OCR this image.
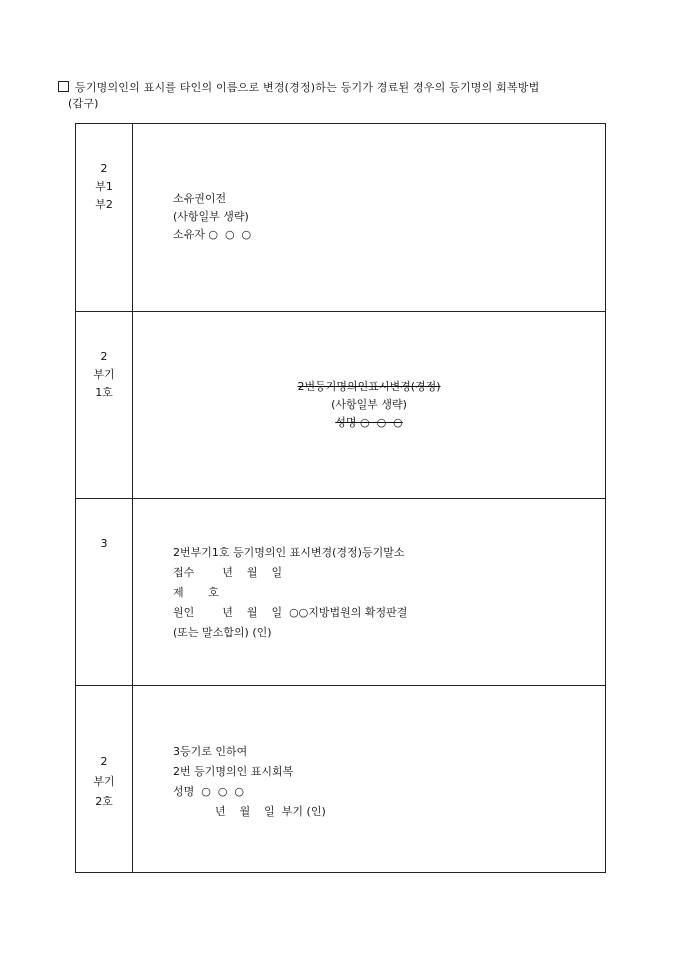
등기명의인의 표시를 타인의 이름으로 변경(경정)하는 등기가 경료된 경우의 등기명의 회복방법
(갑구)
2
부1
부2	소유권이전
(사항일부 생략)
소유자 ○  ○  ○

2
부기
1호	2번등기명의인표시변경(경정)
(사항일부 생략)
성명 ○  ○  ○

3	2번부기1호 등기명의인 표시변경(경정)등기말소
접수        년    월    일
제       호
원인        년    월    일  ○○지방법원의 확정판결
(또는 말소합의) (인)

2
부기
2호	3등기로 인하여
2번 등기명의인 표시회복
성명  ○  ○  ○
년    월    일  부기 (인)
